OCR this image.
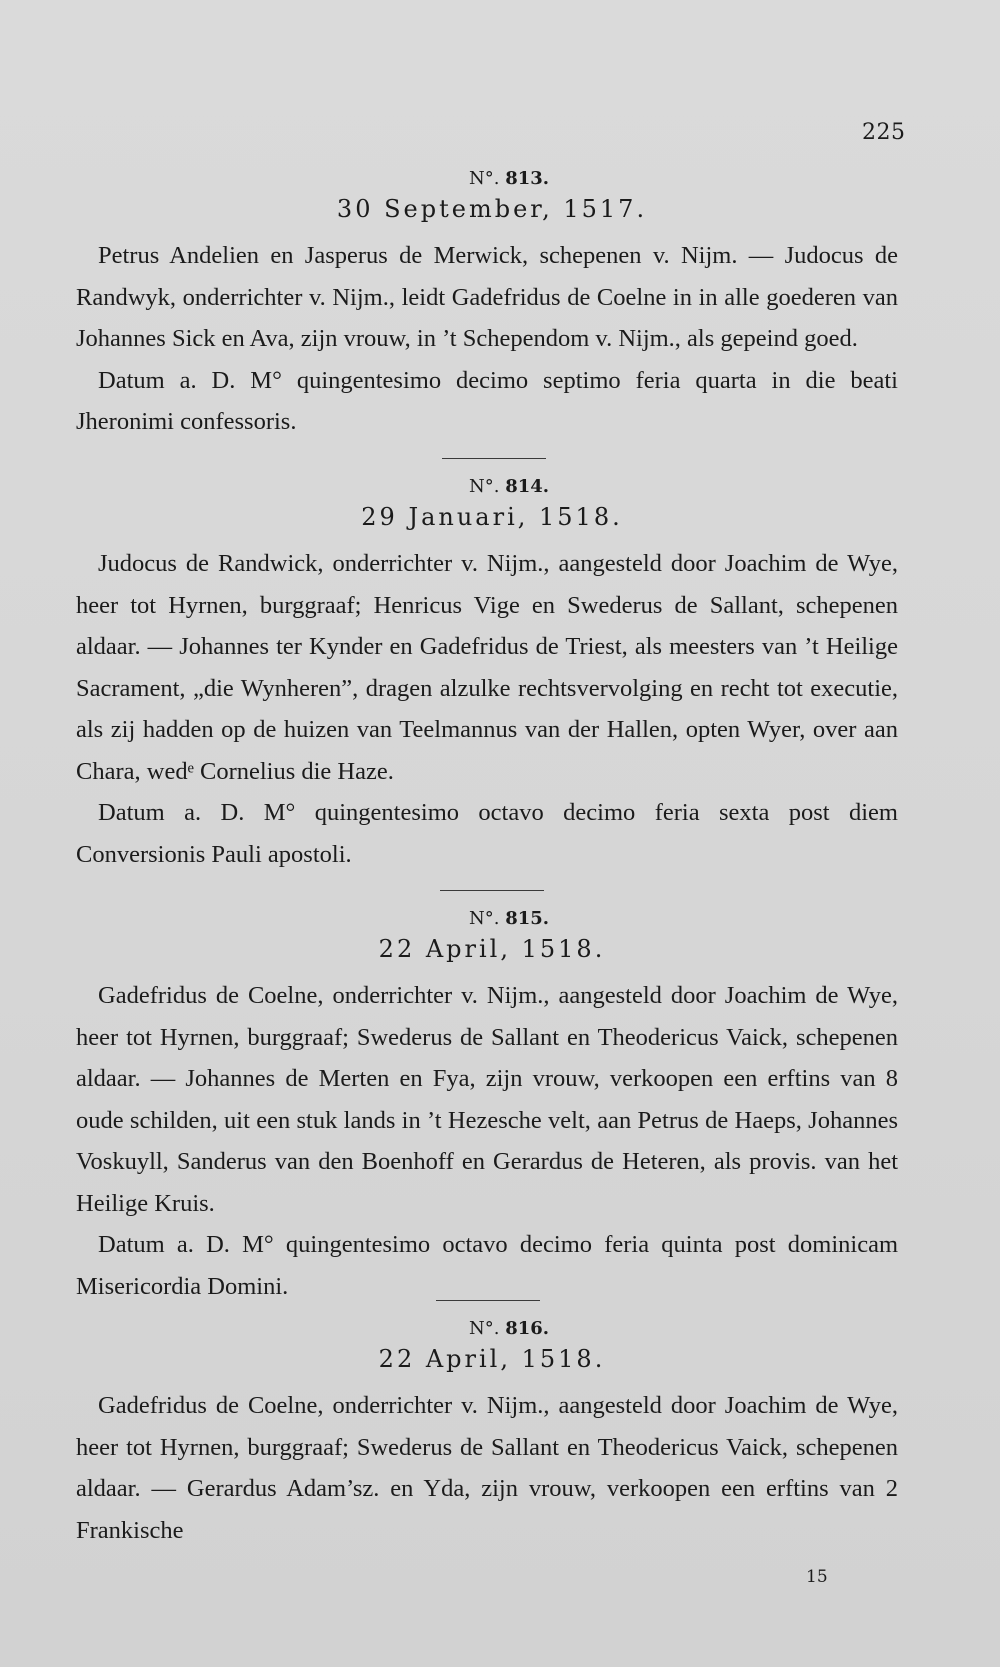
225
N°. 813.
30 September, 1517.

Petrus Andelien en Jasperus de Merwick, schepenen v. Nijm. — Judocus de Randwyk, onderrichter v. Nijm., leidt Gadefridus de Coelne in in alle goederen van Johannes Sick en Ava, zijn vrouw, in ’t Schependom v. Nijm., als gepeind goed.

Datum a. D. M° quingentesimo decimo septimo feria quarta in die beati Jheronimi confessoris.

N°. 814.
29 Januari, 1518.

Judocus de Randwick, onderrichter v. Nijm., aangesteld door Joachim de Wye, heer tot Hyrnen, burggraaf; Henricus Vige en Swederus de Sallant, schepenen aldaar. — Johannes ter Kynder en Gadefridus de Triest, als meesters van ’t Heilige Sacrament, „die Wynheren”, dragen alzulke rechtsvervolging en recht tot executie, als zij hadden op de huizen van Teelmannus van der Hallen, opten Wyer, over aan Chara, wedᵉ Cornelius die Haze.

Datum a. D. M° quingentesimo octavo decimo feria sexta post diem Conversionis Pauli apostoli.

N°. 815.
22 April, 1518.

Gadefridus de Coelne, onderrichter v. Nijm., aangesteld door Joachim de Wye, heer tot Hyrnen, burggraaf; Swederus de Sallant en Theodericus Vaick, schepenen aldaar. — Johannes de Merten en Fya, zijn vrouw, verkoopen een erftins van 8 oude schilden, uit een stuk lands in ’t Hezesche velt, aan Petrus de Haeps, Johannes Voskuyll, Sanderus van den Boenhoff en Gerardus de Heteren, als provis. van het Heilige Kruis.

Datum a. D. M° quingentesimo octavo decimo feria quinta post dominicam Misericordia Domini.

N°. 816.
22 April, 1518.

Gadefridus de Coelne, onderrichter v. Nijm., aangesteld door Joachim de Wye, heer tot Hyrnen, burggraaf; Swederus de Sallant en Theodericus Vaick, schepenen aldaar. — Gerardus Adam’sz. en Yda, zijn vrouw, verkoopen een erftins van 2 Frankische

15
